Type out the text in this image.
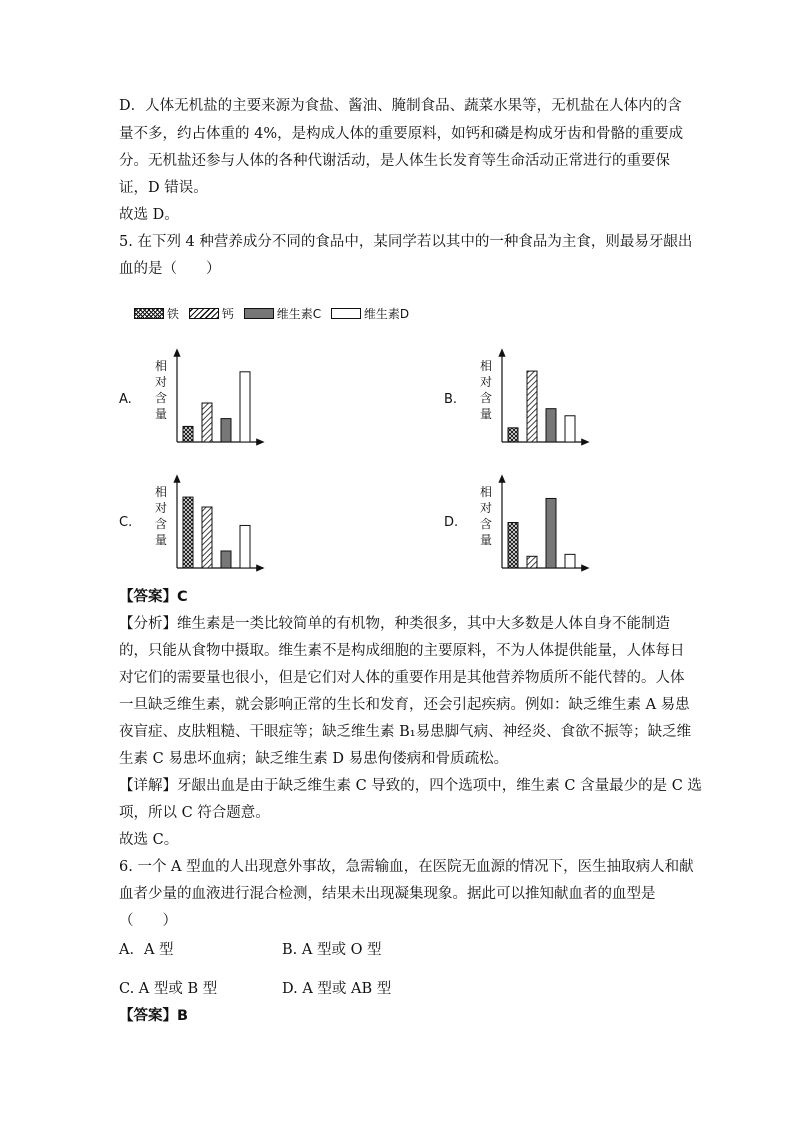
D．人体无机盐的主要来源为食盐、酱油、腌制食品、蔬菜水果等，无机盐在人体内的含
量不多，约占体重的 4%，是构成人体的重要原料，如钙和磷是构成牙齿和骨骼的重要成
分。无机盐还参与人体的各种代谢活动，是人体生长发育等生命活动正常进行的重要保
证，D 错误。
故选 D。
5. 在下列 4 种营养成分不同的食品中，某同学若以其中的一种食品为主食，则最易牙龈出
血的是（　　）
铁	钙	维生素C	维生素D
A.	B.
C.	D.
相
对
含
量
相
对
含
量
相
对
含
量
相
对
含
量
【答案】C
【分析】维生素是一类比较简单的有机物，种类很多，其中大多数是人体自身不能制造
的，只能从食物中摄取。维生素不是构成细胞的主要原料，不为人体提供能量，人体每日
对它们的需要量也很小，但是它们对人体的重要作用是其他营养物质所不能代替的。人体
一旦缺乏维生素，就会影响正常的生长和发育，还会引起疾病。例如：缺乏维生素 A 易患
夜盲症、皮肤粗糙、干眼症等；缺乏维生素 B₁易患脚气病、神经炎、食欲不振等；缺乏维
生素 C 易患坏血病；缺乏维生素 D 易患佝偻病和骨质疏松。
【详解】牙龈出血是由于缺乏维生素 C 导致的，四个选项中，维生素 C 含量最少的是 C 选
项，所以 C 符合题意。
故选 C。
6. 一个 A 型血的人出现意外事故，急需输血，在医院无血源的情况下，医生抽取病人和献
血者少量的血液进行混合检测，结果未出现凝集现象。据此可以推知献血者的血型是
（　　）
A．A 型	B. A 型或 O 型
C. A 型或 B 型	D. A 型或 AB 型
【答案】B
